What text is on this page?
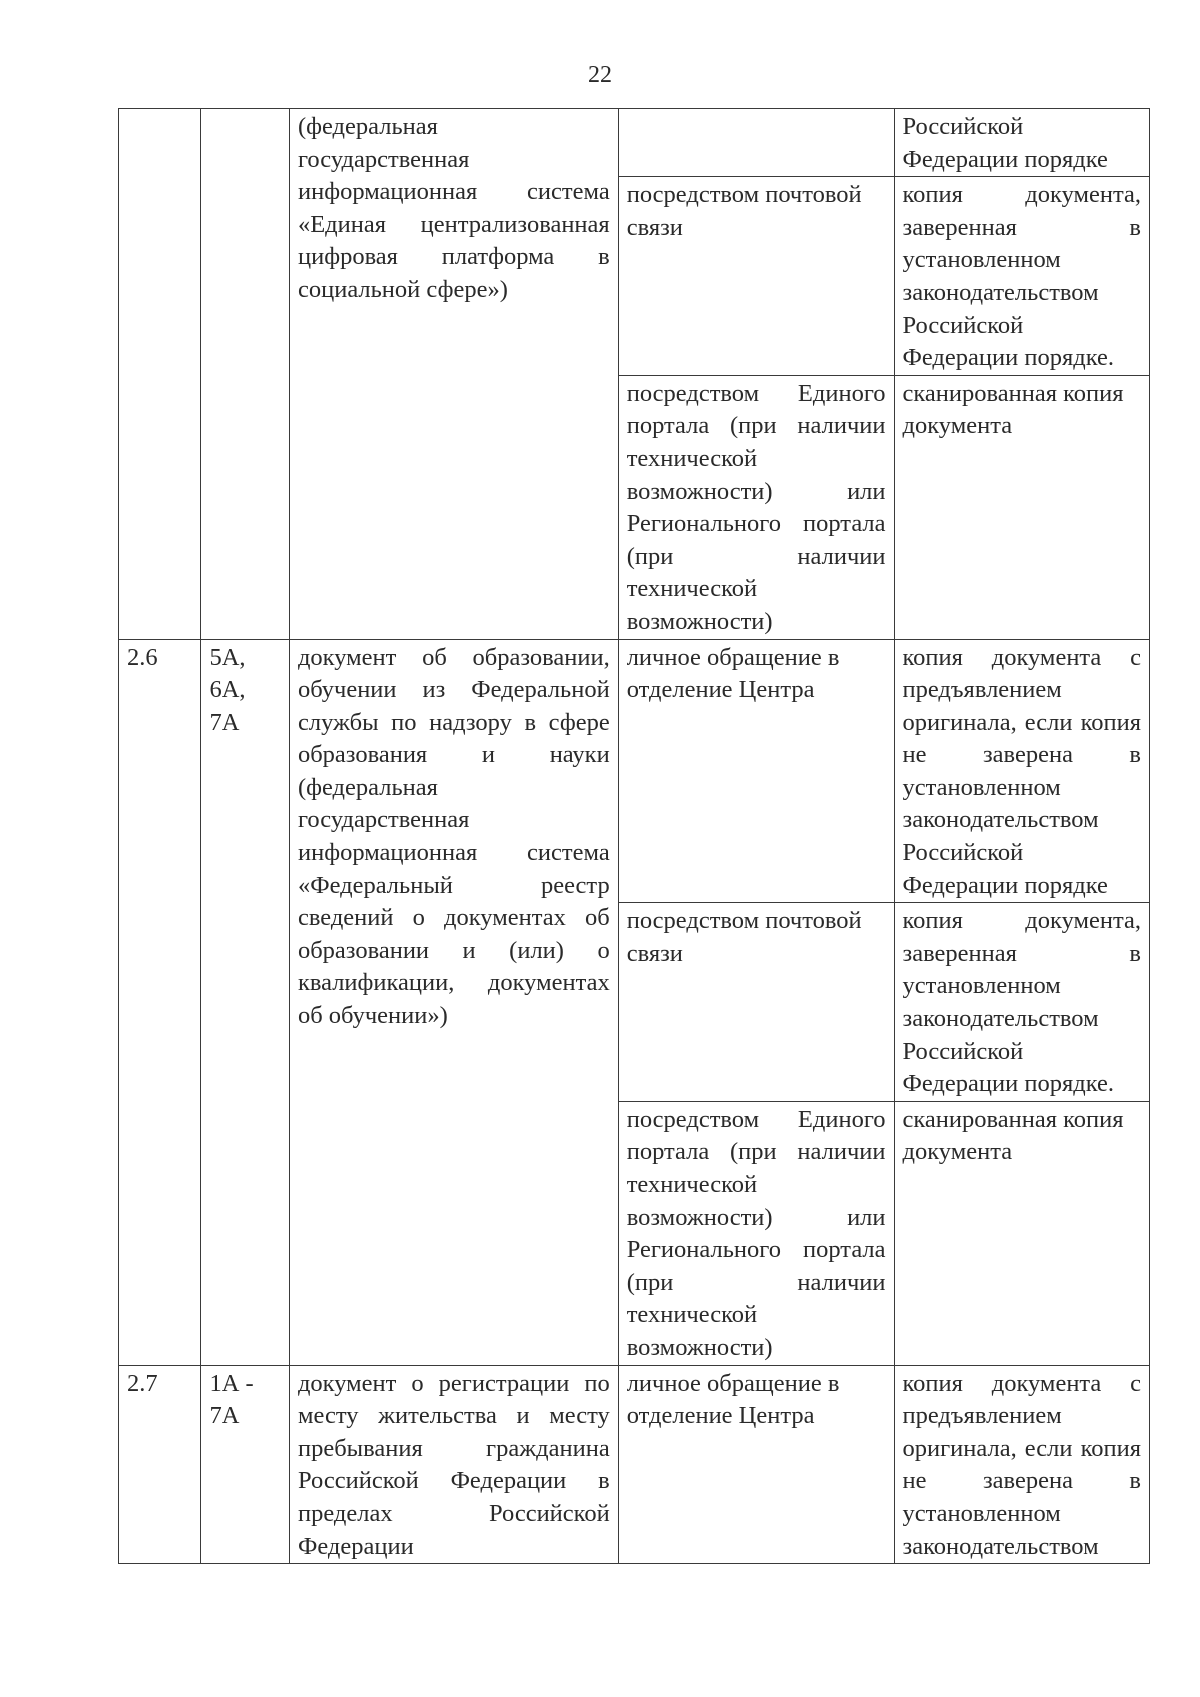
22
		(федеральная государственная информационная система «Единая централизованная цифровая платформа в социальной сфере»)		Российской Федерации порядке
			посредством почтовой связи	копия документа, заверенная в установленном законодательством Российской Федерации порядке.
			посредством Единого портала (при наличии технической возможности) или Регионального портала (при наличии технической возможности)	сканированная копия документа
2.6	5А, 6А, 7А	документ об образовании, обучении из Федеральной службы по надзору в сфере образования и науки (федеральная государственная информационная система «Федеральный реестр сведений о документах об образовании и (или) о квалификации, документах об обучении»)	личное обращение в отделение Центра	копия документа с предъявлением оригинала, если копия не заверена в установленном законодательством Российской Федерации порядке
			посредством почтовой связи	копия документа, заверенная в установленном законодательством Российской Федерации порядке.
			посредством Единого портала (при наличии технической возможности) или Регионального портала (при наличии технической возможности)	сканированная копия документа
2.7	1А - 7А	документ о регистрации по месту жительства и месту пребывания гражданина Российской Федерации в пределах Российской Федерации	личное обращение в отделение Центра	копия документа с предъявлением оригинала, если копия не заверена в установленном законодательством
